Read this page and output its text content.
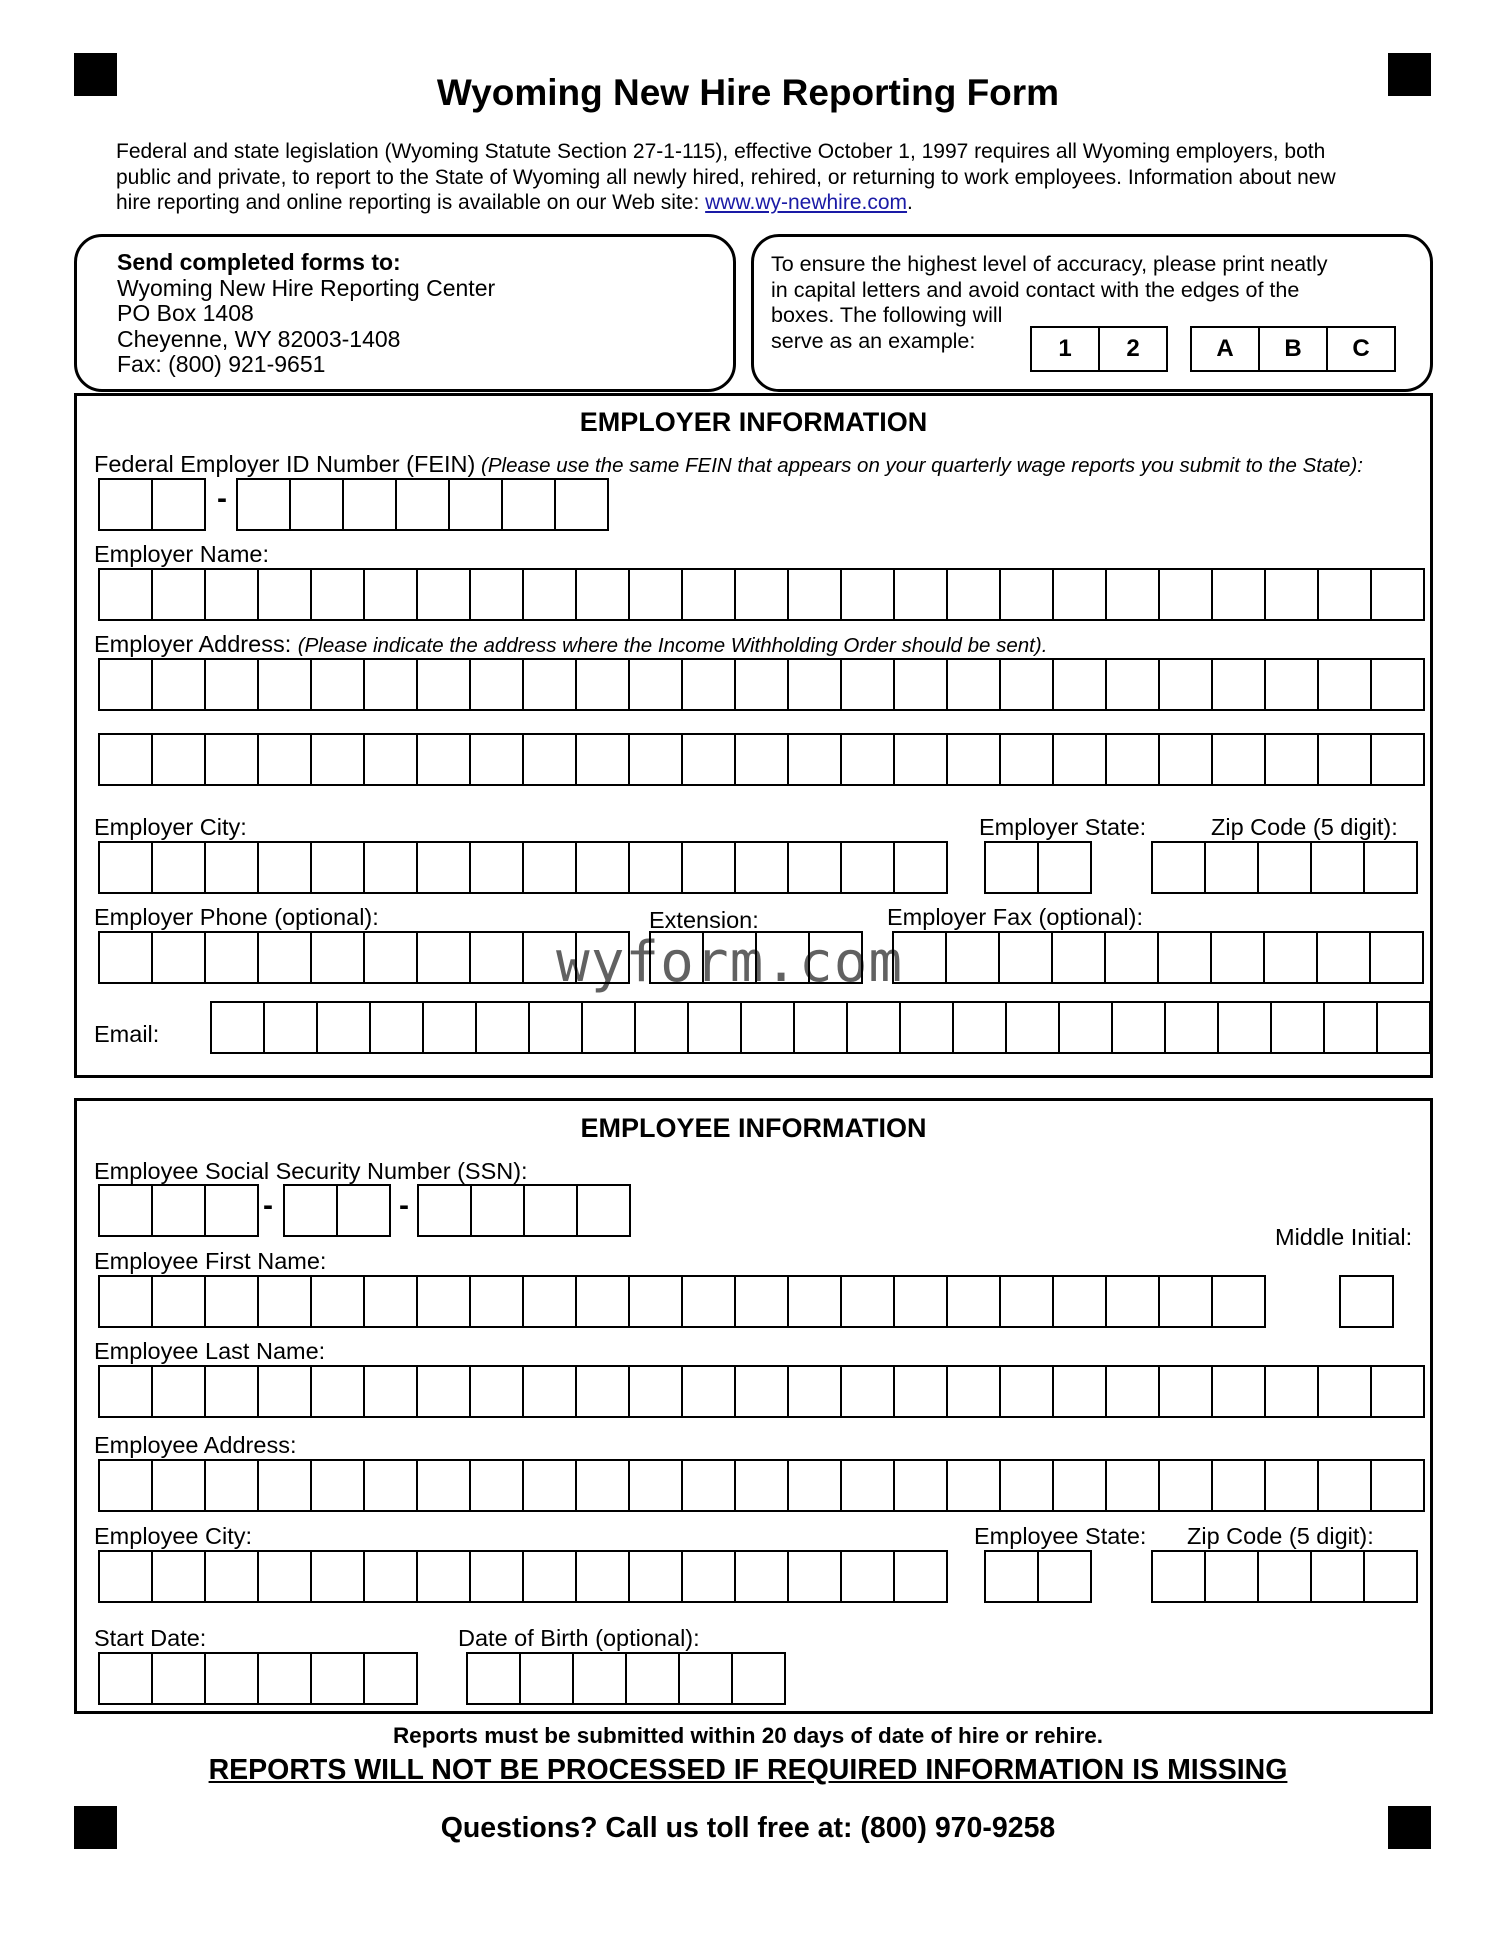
Wyoming New Hire Reporting Form
Federal and state legislation (Wyoming Statute Section 27-1-115), effective October 1, 1997 requires all Wyoming employers, both public and private, to report to the State of Wyoming all newly hired, rehired, or returning to work employees. Information about new hire reporting and online reporting is available on our Web site: www.wy-newhire.com.
Send completed forms to:
Wyoming New Hire Reporting Center
PO Box 1408
Cheyenne, WY 82003-1408
Fax: (800) 921-9651
To ensure the highest level of accuracy, please print neatly
in capital letters and avoid contact with the edges of the
boxes. The following will
serve as an example:	1	2	A	B	C
EMPLOYER INFORMATION
Federal Employer ID Number (FEIN) (Please use the same FEIN that appears on your quarterly wage reports you submit to the State):
-
Employer Name:
Employer Address: (Please indicate the address where the Income Withholding Order should be sent).
Employer City:	Employer State:	Zip Code (5 digit):
Employer Phone (optional):	Extension:	Employer Fax (optional):
Email:
wyform.com
EMPLOYEE INFORMATION
Employee Social Security Number (SSN):
-	-
Middle Initial:
Employee First Name:
Employee Last Name:
Employee Address:
Employee City:	Employee State: Zip Code (5 digit):
Start Date:	Date of Birth (optional):
Reports must be submitted within 20 days of date of hire or rehire.
REPORTS WILL NOT BE PROCESSED IF REQUIRED INFORMATION IS MISSING
Questions? Call us toll free at: (800) 970-9258
